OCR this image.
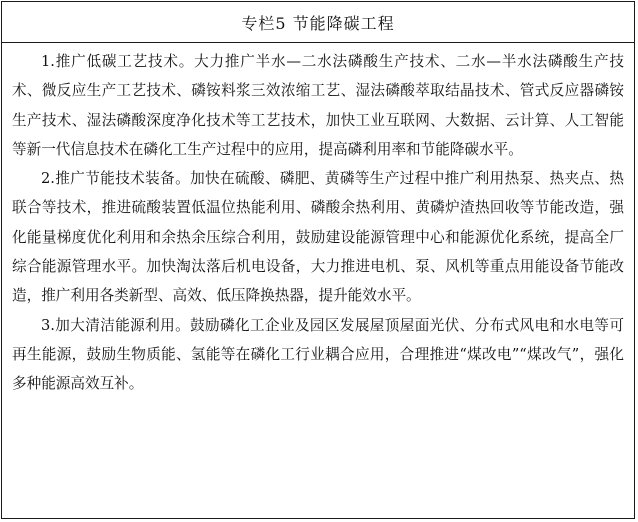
专栏5 节能降碳工程

1.推广低碳工艺技术。大力推广半水—二水法磷酸生产技术、二水—半水法磷酸生产技术、微反应生产工艺技术、磷铵料浆三效浓缩工艺、湿法磷酸萃取结晶技术、管式反应器磷铵生产技术、湿法磷酸深度净化技术等工艺技术，加快工业互联网、大数据、云计算、人工智能等新一代信息技术在磷化工生产过程中的应用，提高磷利用率和节能降碳水平。

2.推广节能技术装备。加快在硫酸、磷肥、黄磷等生产过程中推广利用热泵、热夹点、热联合等技术，推进硫酸装置低温位热能利用、磷酸余热利用、黄磷炉渣热回收等节能改造，强化能量梯度优化利用和余热余压综合利用，鼓励建设能源管理中心和能源优化系统，提高全厂综合能源管理水平。加快淘汰落后机电设备，大力推进电机、泵、风机等重点用能设备节能改造，推广利用各类新型、高效、低压降换热器，提升能效水平。

3.加大清洁能源利用。鼓励磷化工企业及园区发展屋顶屋面光伏、分布式风电和水电等可再生能源，鼓励生物质能、氢能等在磷化工行业耦合应用，合理推进“煤改电”“煤改气”，强化多种能源高效互补。
